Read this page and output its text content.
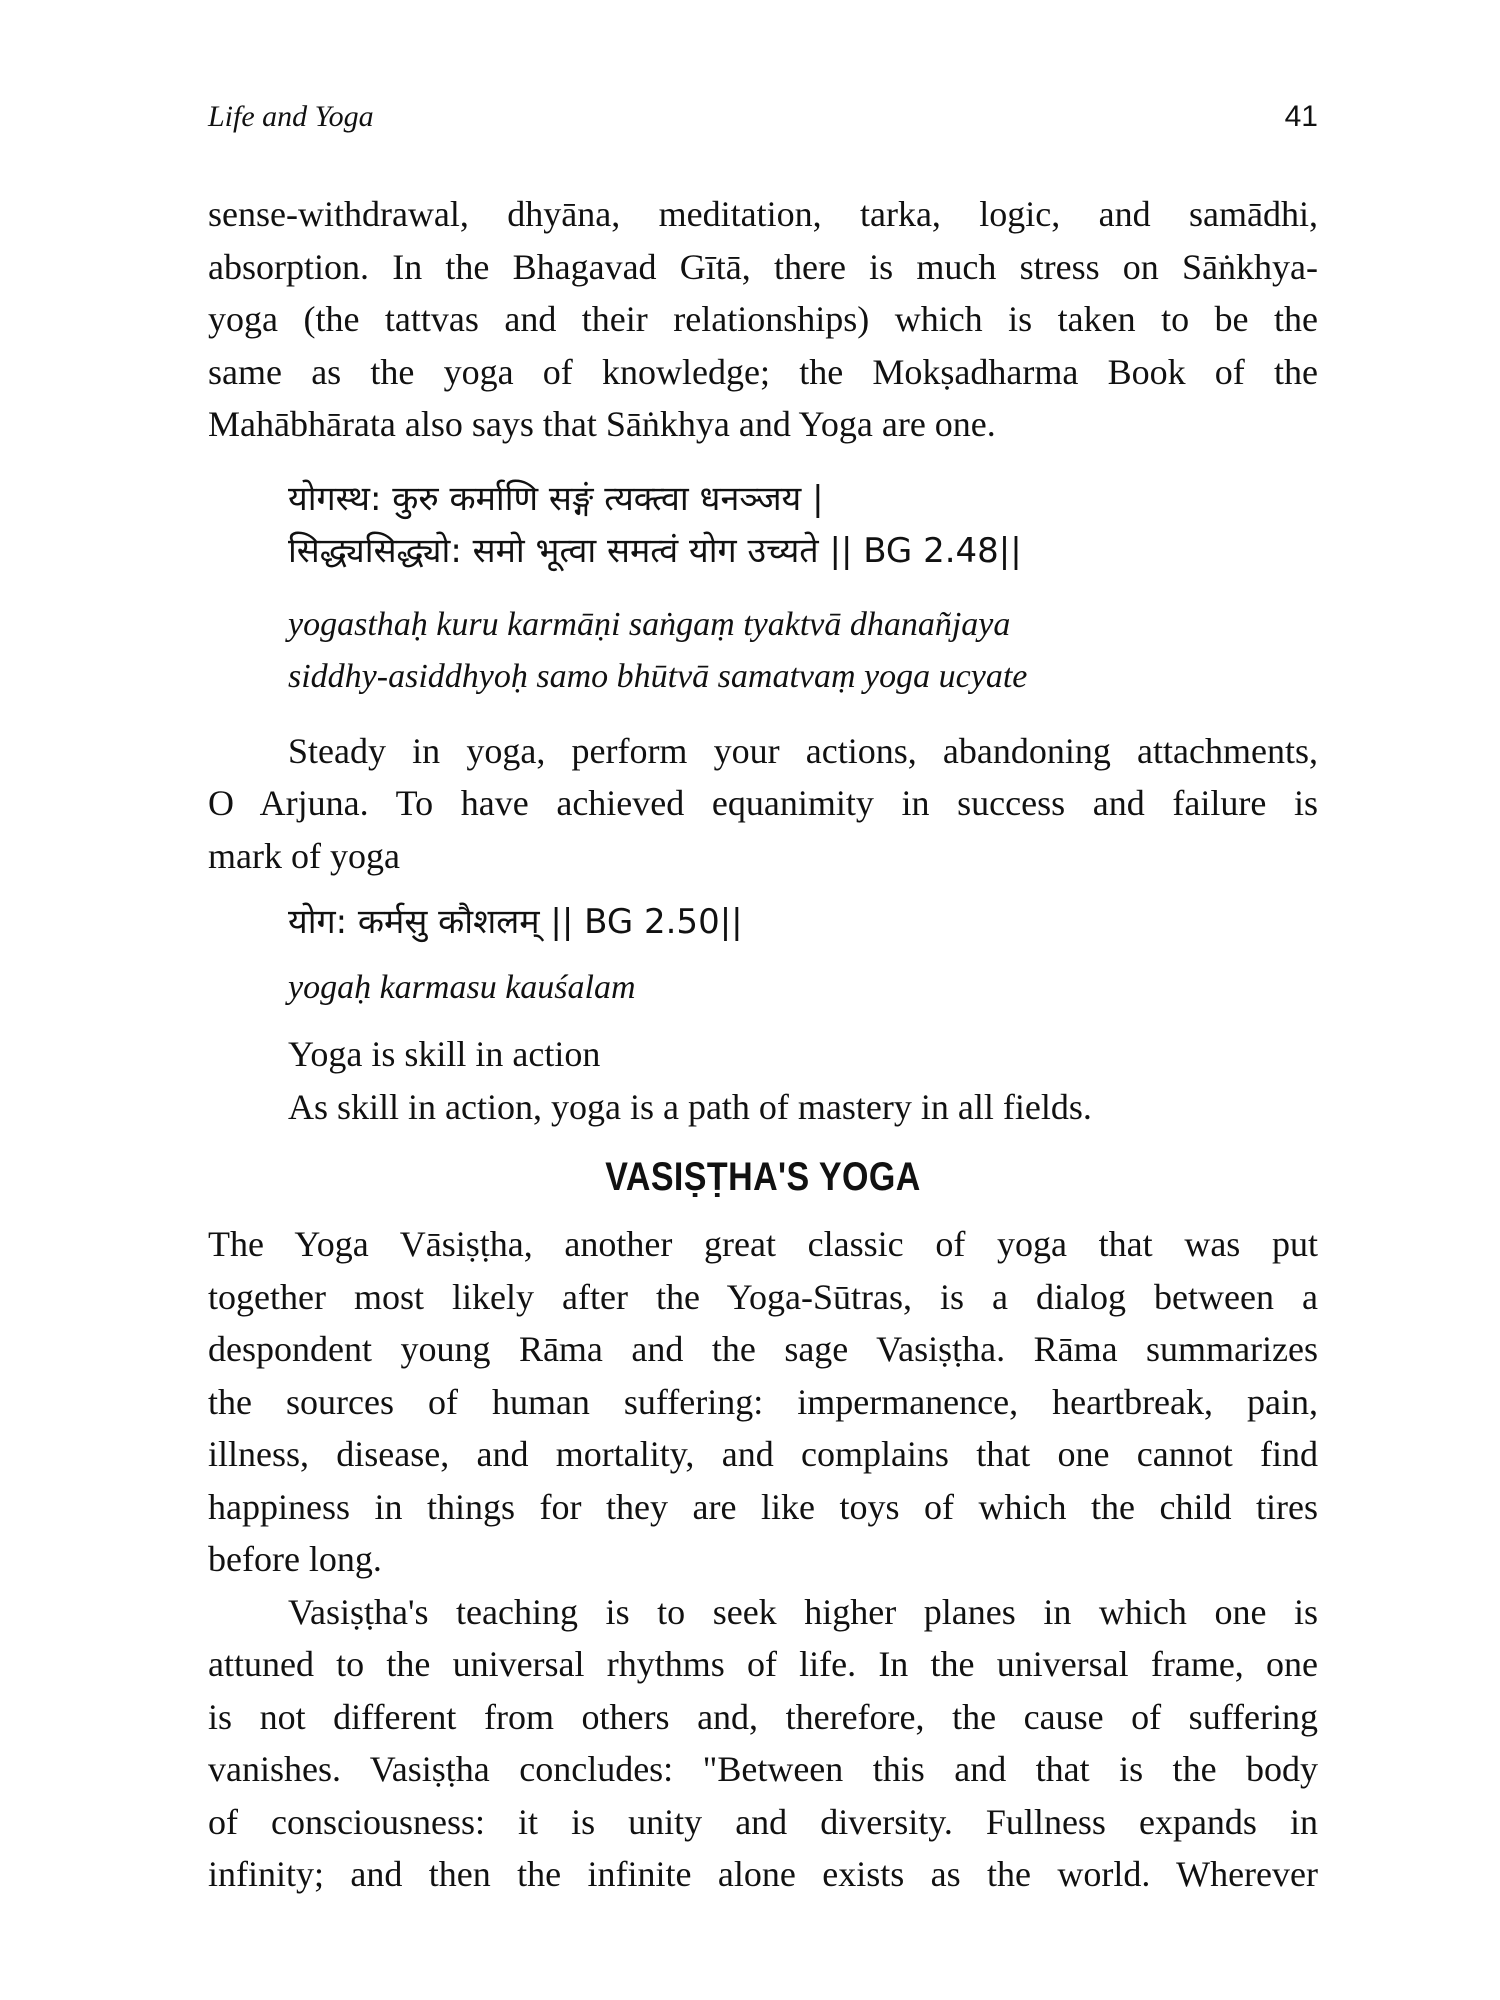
Life and Yoga	41

sense-withdrawal, dhyāna, meditation, tarka, logic, and samādhi,
absorption. In the Bhagavad Gītā, there is much stress on Sāṅkhya-
yoga (the tattvas and their relationships) which is taken to be the
same as the yoga of knowledge; the Mokṣadharma Book of the
Mahābhārata also says that Sāṅkhya and Yoga are one.

योगस्थ: कुरु कर्माणि सङ्गं त्यक्त्वा धनञ्जय |
सिद्ध्यसिद्ध्यो: समो भूत्वा समत्वं योग उच्यते || BG 2.48||
yogasthaḥ kuru karmāṇi saṅgaṃ tyaktvā dhanañjaya
siddhy-asiddhyoḥ samo bhūtvā samatvaṃ yoga ucyate

Steady in yoga, perform your actions, abandoning attachments,
O Arjuna. To have achieved equanimity in success and failure is
mark of yoga

योग: कर्मसु कौशलम् || BG 2.50||
yogaḥ karmasu kauśalam
Yoga is skill in action
As skill in action, yoga is a path of mastery in all fields.
VASIṢṬHA'S YOGA

The Yoga Vāsiṣṭha, another great classic of yoga that was put
together most likely after the Yoga-Sūtras, is a dialog between a
despondent young Rāma and the sage Vasiṣṭha. Rāma summarizes
the sources of human suffering: impermanence, heartbreak, pain,
illness, disease, and mortality, and complains that one cannot find
happiness in things for they are like toys of which the child tires
before long.

Vasiṣṭha's teaching is to seek higher planes in which one is
attuned to the universal rhythms of life. In the universal frame, one
is not different from others and, therefore, the cause of suffering
vanishes. Vasiṣṭha concludes: "Between this and that is the body
of consciousness: it is unity and diversity. Fullness expands in
infinity; and then the infinite alone exists as the world. Wherever
